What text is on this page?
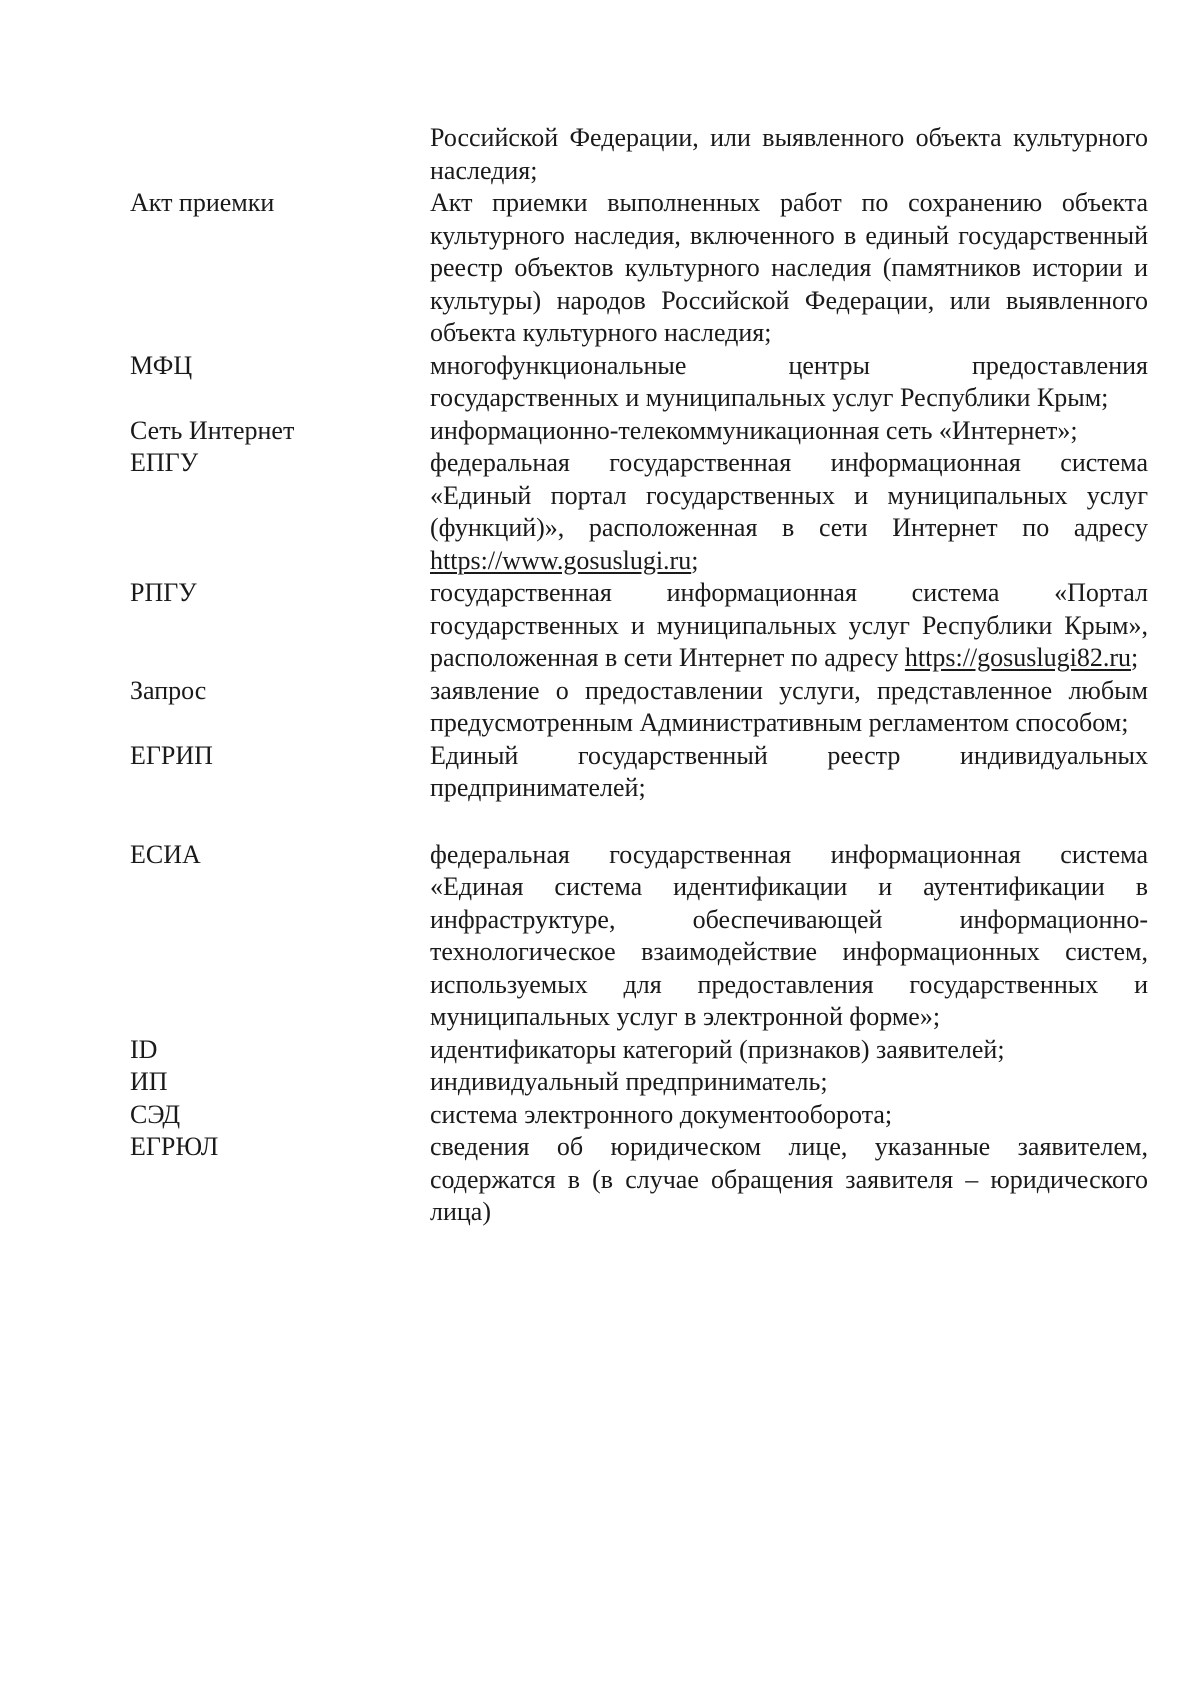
Российской Федерации, или выявленного объекта культурного наследия;
Акт приемки	Акт приемки выполненных работ по сохранению объекта культурного наследия, включенного в единый государственный реестр объектов культурного наследия (памятников истории и культуры) народов Российской Федерации, или выявленного объекта культурного наследия;
МФЦ	многофункциональные центры предоставления государственных и муниципальных услуг Республики Крым;
Сеть Интернет	информационно-телекоммуникационная сеть «Интернет»;
ЕПГУ	федеральная государственная информационная система «Единый портал государственных и муниципальных услуг (функций)», расположенная в сети Интернет по адресу https://www.gosuslugi.ru;
РПГУ	государственная информационная система «Портал государственных и муниципальных услуг Республики Крым», расположенная в сети Интернет по адресу https://gosuslugi82.ru;
Запрос	заявление о предоставлении услуги, представленное любым предусмотренным Административным регламентом способом;
ЕГРИП	Единый государственный реестр индивидуальных предпринимателей;
ЕСИА	федеральная государственная информационная система «Единая система идентификации и аутентификации в инфраструктуре, обеспечивающей информационно-технологическое взаимодействие информационных систем, используемых для предоставления государственных и муниципальных услуг в электронной форме»;
ID	идентификаторы категорий (признаков) заявителей;
ИП	индивидуальный предприниматель;
СЭД	система электронного документооборота;
ЕГРЮЛ	сведения об юридическом лице, указанные заявителем, содержатся в (в случае обращения заявителя – юридического лица)
